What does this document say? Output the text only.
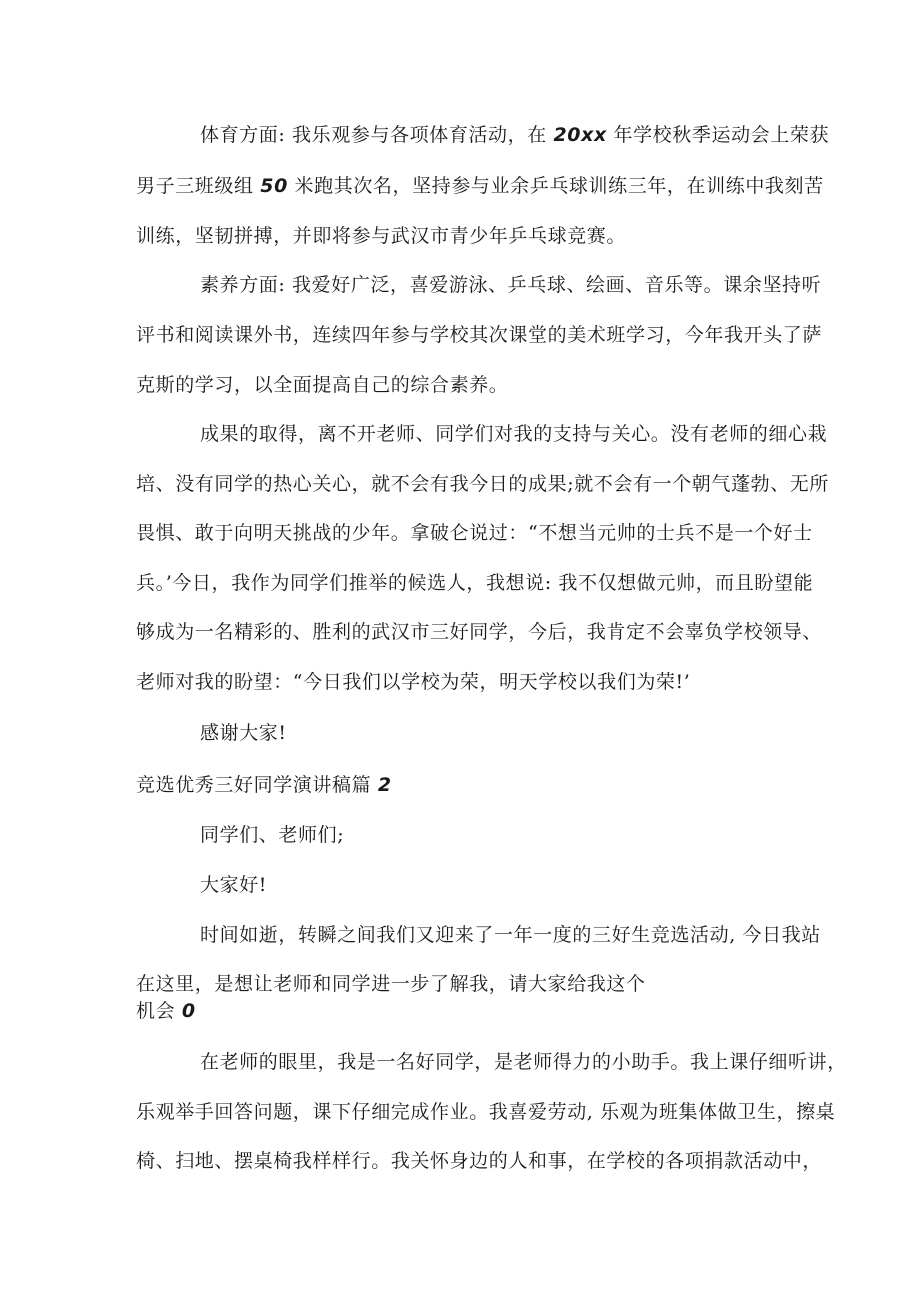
体育方面: 我乐观参与各项体育活动，在 20xx 年学校秋季运动会上荣获
男子三班级组 50 米跑其次名，坚持参与业余乒乓球训练三年，在训练中我刻苦
训练，坚韧拼搏，并即将参与武汉市青少年乒乓球竞赛。
素养方面: 我爱好广泛，喜爱游泳、乒乓球、绘画、音乐等。课余坚持听
评书和阅读课外书，连续四年参与学校其次课堂的美术班学习，今年我开头了萨
克斯的学习，以全面提高自己的综合素养。
成果的取得，离不开老师、同学们对我的支持与关心。没有老师的细心栽
培、没有同学的热心关心，就不会有我今日的成果;就不会有一个朝气蓬勃、无所
畏惧、敢于向明天挑战的少年。拿破仑说过：“不想当元帅的士兵不是一个好士
兵。’今日，我作为同学们推举的候选人，我想说: 我不仅想做元帅，而且盼望能
够成为一名精彩的、胜利的武汉市三好同学，今后，我肯定不会辜负学校领导、
老师对我的盼望：“今日我们以学校为荣，明天学校以我们为荣!’
感谢大家!
竞选优秀三好同学演讲稿篇 2
同学们、老师们;
大家好!
时间如逝，转瞬之间我们又迎来了一年一度的三好生竞选活动, 今日我站
在这里，是想让老师和同学进一步了解我，请大家给我这个
机会 0
在老师的眼里，我是一名好同学，是老师得力的小助手。我上课仔细听讲，
乐观举手回答问题，课下仔细完成作业。我喜爱劳动, 乐观为班集体做卫生，擦桌
椅、扫地、摆桌椅我样样行。我关怀身边的人和事，在学校的各项捐款活动中，
